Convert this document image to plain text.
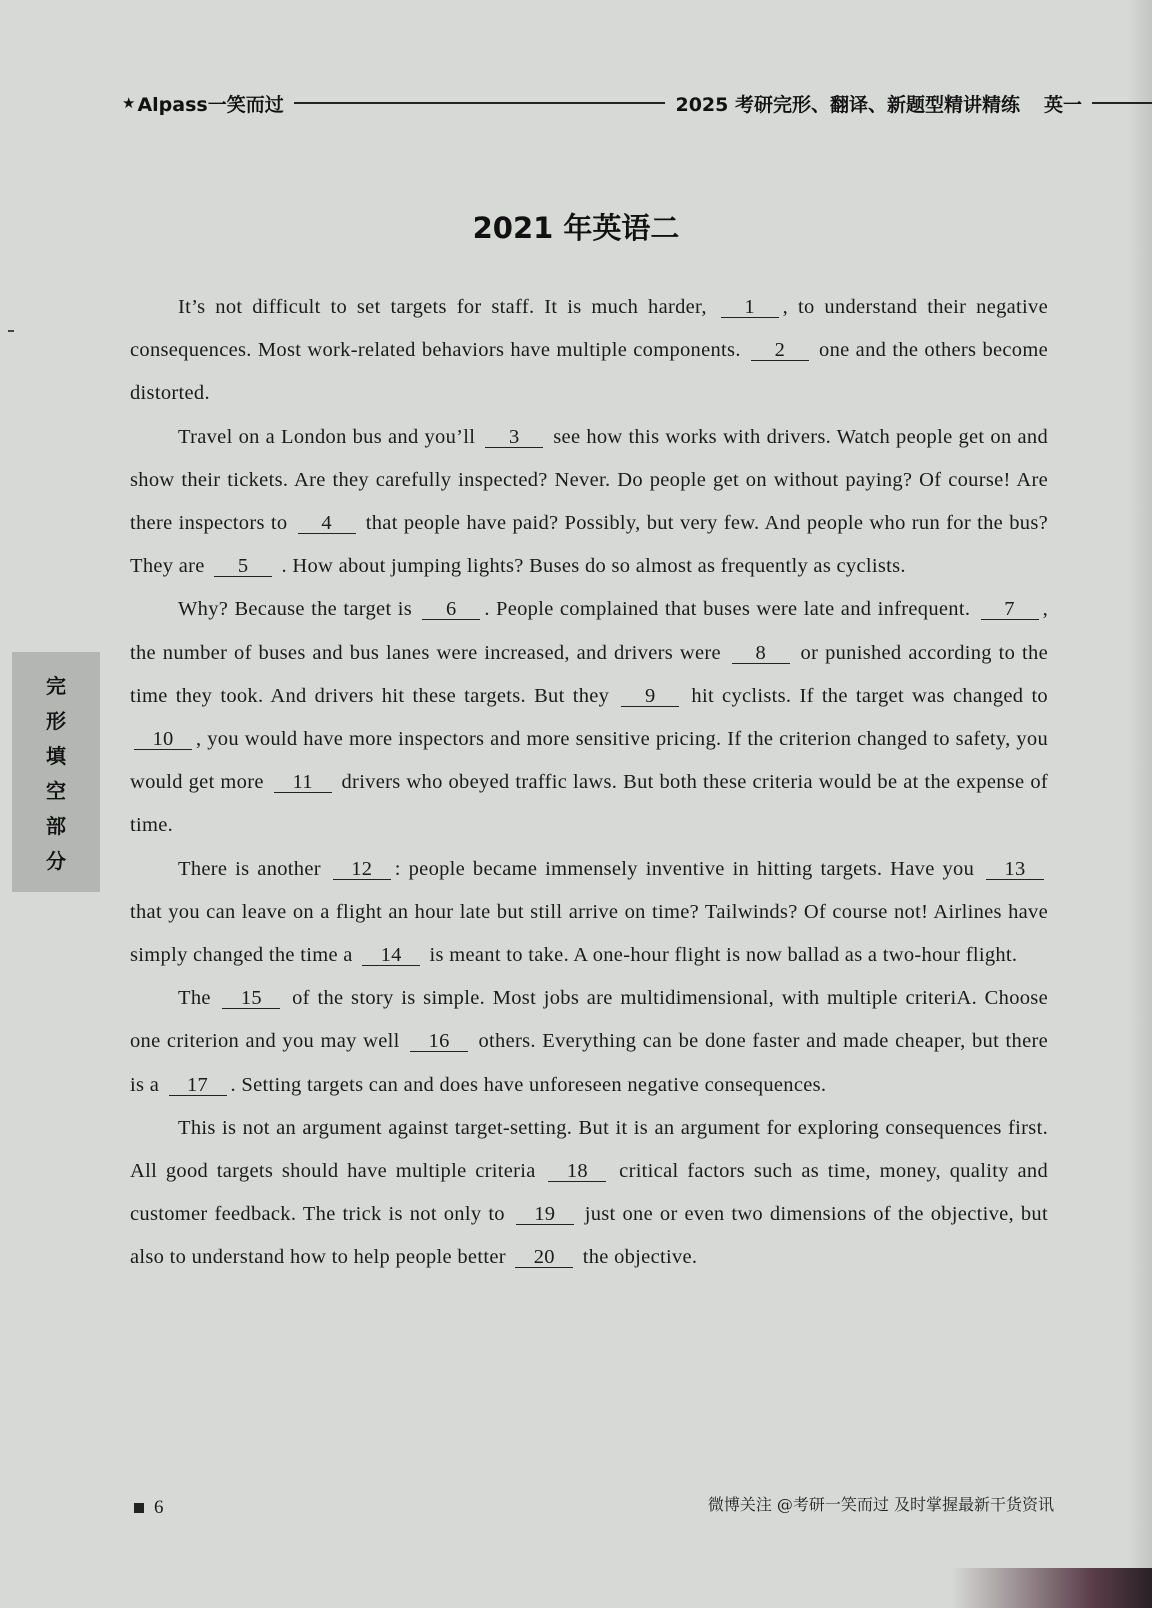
★ Alpass一笑而过	2025 考研完形、翻译、新题型精讲精练 英一
2021 年英语二
完
形
填
空
部
分

It’s not difficult to set targets for staff. It is much harder, 1 , to understand their negative consequences. Most work-related behaviors have multiple components. 2 one and the others become distorted.

Travel on a London bus and you’ll 3 see how this works with drivers. Watch people get on and show their tickets. Are they carefully inspected? Never. Do people get on without paying? Of course! Are there inspectors to 4 that people have paid? Possibly, but very few. And people who run for the bus? They are 5 . How about jumping lights? Buses do so almost as frequently as cyclists.

Why? Because the target is 6 . People complained that buses were late and infrequent. 7 , the number of buses and bus lanes were increased, and drivers were 8 or punished according to the time they took. And drivers hit these targets. But they 9 hit cyclists. If the target was changed to 10 , you would have more inspectors and more sensitive pricing. If the criterion changed to safety, you would get more 11 drivers who obeyed traffic laws. But both these criteria would be at the expense of time.

There is another 12 : people became immensely inventive in hitting targets. Have you 13 that you can leave on a flight an hour late but still arrive on time? Tailwinds? Of course not! Airlines have simply changed the time a 14 is meant to take. A one-hour flight is now ballad as a two-hour flight.

The 15 of the story is simple. Most jobs are multidimensional, with multiple criteriA. Choose one criterion and you may well 16 others. Everything can be done faster and made cheaper, but there is a 17 . Setting targets can and does have unforeseen negative consequences.

This is not an argument against target-setting. But it is an argument for exploring consequences first. All good targets should have multiple criteria 18 critical factors such as time, money, quality and customer feedback. The trick is not only to 19 just one or even two dimensions of the objective, but also to understand how to help people better 20 the objective.

6	微博关注 @考研一笑而过 及时掌握最新干货资讯
